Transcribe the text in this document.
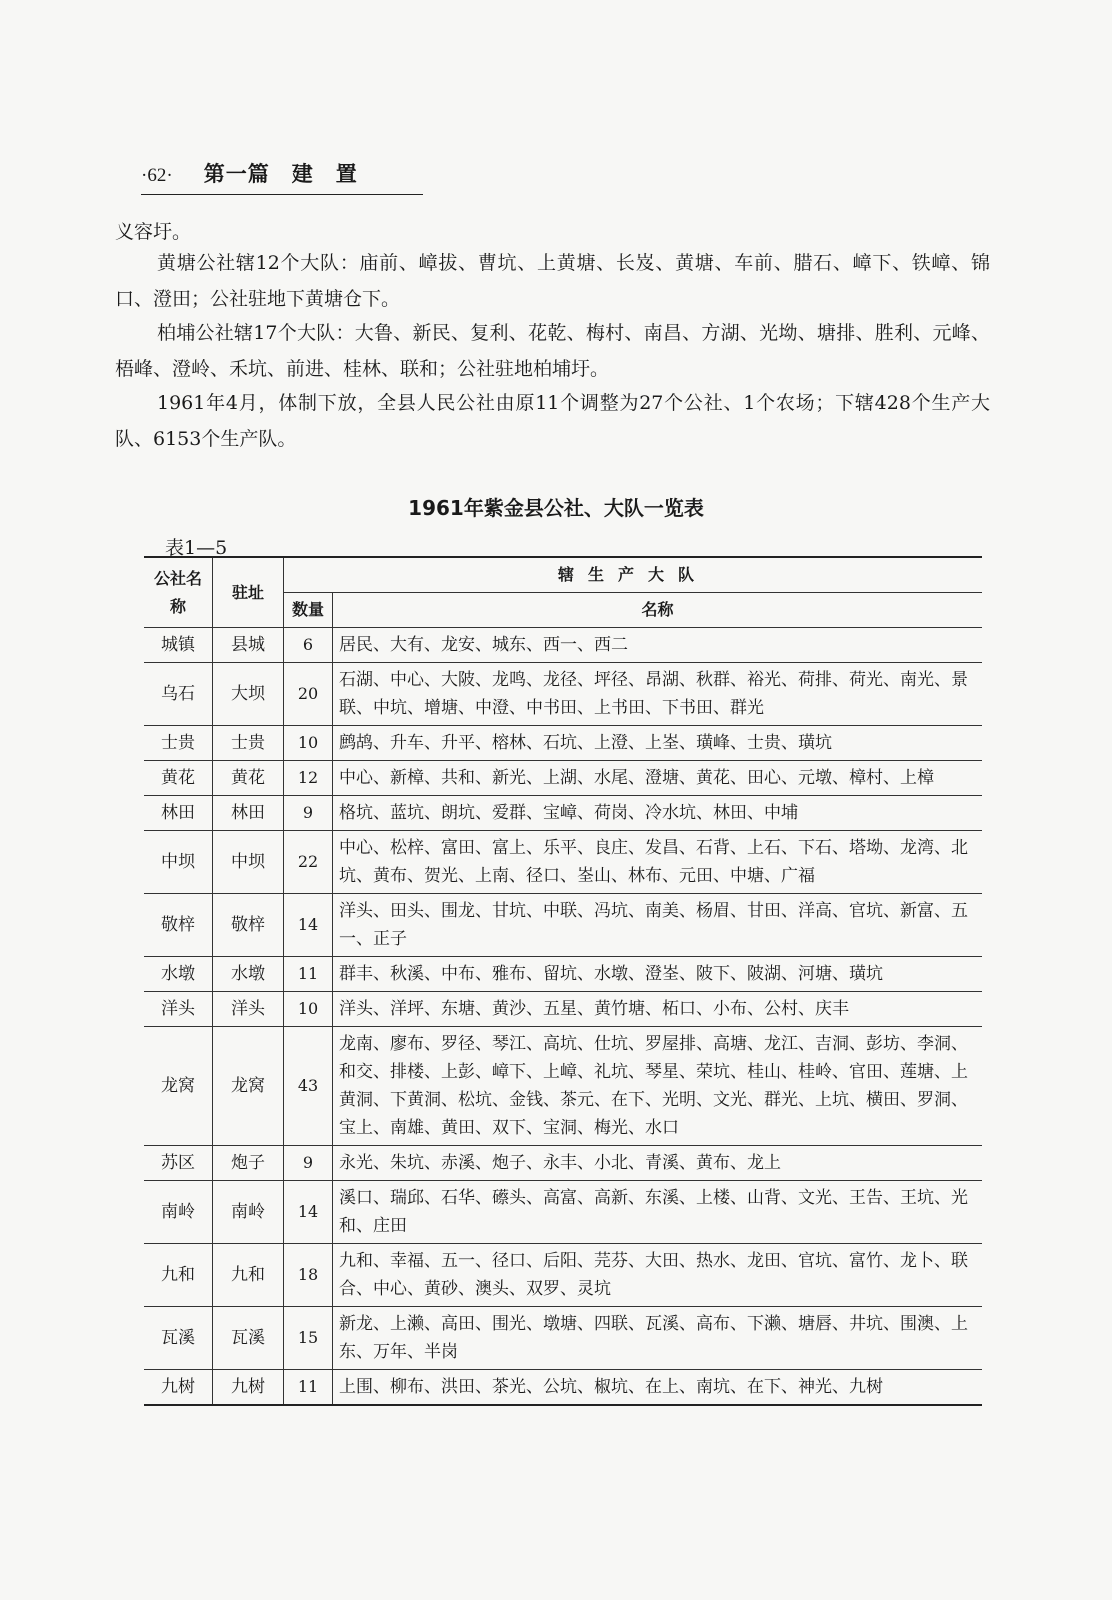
·62· 第一篇　建　置
义容圩。
黄塘公社辖12个大队：庙前、嶂拔、曹坑、上黄塘、长岌、黄塘、车前、腊石、嶂下、铁嶂、锦口、澄田；公社驻地下黄塘仓下。
柏埔公社辖17个大队：大鲁、新民、复利、花乾、梅村、南昌、方湖、光坳、塘排、胜利、元峰、梧峰、澄岭、禾坑、前进、桂林、联和；公社驻地柏埔圩。
1961年4月，体制下放，全县人民公社由原11个调整为27个公社、1个农场；下辖428个生产大队、6153个生产队。
1961年紫金县公社、大队一览表
表1—5
公社名称	驻址	辖生产大队	
		数量	名称
城镇	县城	6	居民、大有、龙安、城东、西一、西二
乌石	大坝	20	石湖、中心、大陂、龙鸣、龙径、坪径、昂湖、秋群、裕光、荷排、荷光、南光、景联、中坑、增塘、中澄、中书田、上书田、下书田、群光
士贵	士贵	10	鹧鸪、升车、升平、榕林、石坑、上澄、上峑、璜峰、士贵、璜坑
黄花	黄花	12	中心、新樟、共和、新光、上湖、水尾、澄塘、黄花、田心、元墩、樟村、上樟
林田	林田	9	格坑、蓝坑、朗坑、爱群、宝嶂、荷岗、冷水坑、林田、中埔
中坝	中坝	22	中心、松梓、富田、富上、乐平、良庄、发昌、石背、上石、下石、塔坳、龙湾、北坑、黄布、贺光、上南、径口、峑山、林布、元田、中塘、广福
敬梓	敬梓	14	洋头、田头、围龙、甘坑、中联、冯坑、南美、杨眉、甘田、洋高、官坑、新富、五一、正子
水墩	水墩	11	群丰、秋溪、中布、雅布、留坑、水墩、澄峑、陂下、陂湖、河塘、璜坑
洋头	洋头	10	洋头、洋坪、东塘、黄沙、五星、黄竹塘、柘口、小布、公村、庆丰
龙窝	龙窝	43	龙南、廖布、罗径、琴江、高坑、仕坑、罗屋排、高塘、龙江、吉洞、彭坊、李洞、和交、排楼、上彭、嶂下、上嶂、礼坑、琴星、荣坑、桂山、桂岭、官田、莲塘、上黄洞、下黄洞、松坑、金钱、茶元、在下、光明、文光、群光、上坑、横田、罗洞、宝上、南雄、黄田、双下、宝洞、梅光、水口
苏区	炮子	9	永光、朱坑、赤溪、炮子、永丰、小北、青溪、黄布、龙上
南岭	南岭	14	溪口、瑞邱、石华、礤头、高富、高新、东溪、上楼、山背、文光、王告、王坑、光和、庄田
九和	九和	18	九和、幸福、五一、径口、后阳、芫芬、大田、热水、龙田、官坑、富竹、龙卜、联合、中心、黄砂、澳头、双罗、灵坑
瓦溪	瓦溪	15	新龙、上濑、高田、围光、墩塘、四联、瓦溪、高布、下濑、塘唇、井坑、围澳、上东、万年、半岗
九树	九树	11	上围、柳布、洪田、茶光、公坑、椒坑、在上、南坑、在下、神光、九树
